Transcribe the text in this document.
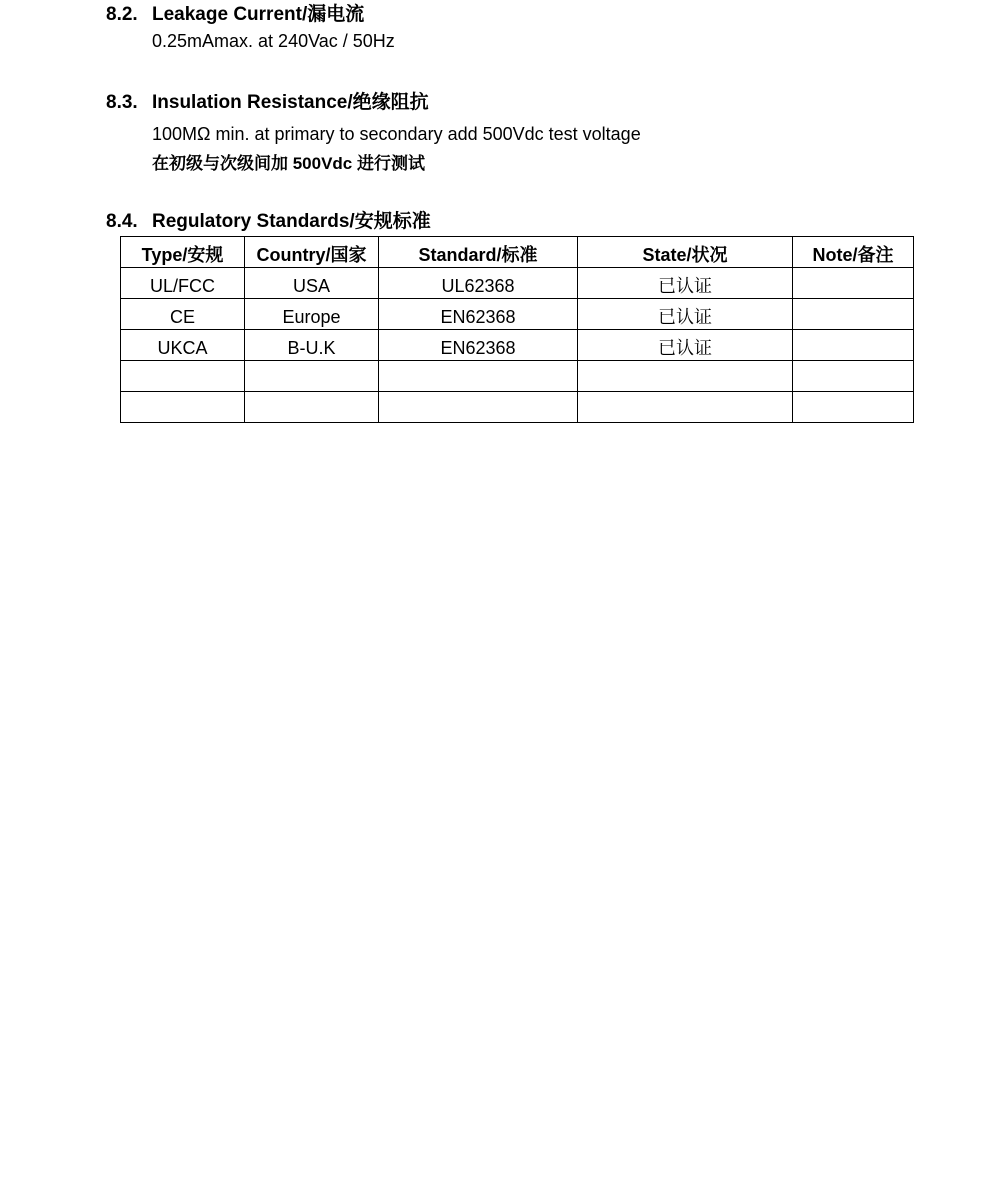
8.2. Leakage Current/漏电流
0.25mAmax. at 240Vac / 50Hz
8.3. Insulation Resistance/绝缘阻抗
100MΩ min. at primary to secondary add 500Vdc test voltage
在初级与次级间加 500Vdc 进行测试
8.4. Regulatory Standards/安规标准
Type/安规	Country/国家	Standard/标准	State/状况	Note/备注
UL/FCC	USA	UL62368	已认证	
CE	Europe	EN62368	已认证	
UKCA	B-U.K	EN62368	已认证	
